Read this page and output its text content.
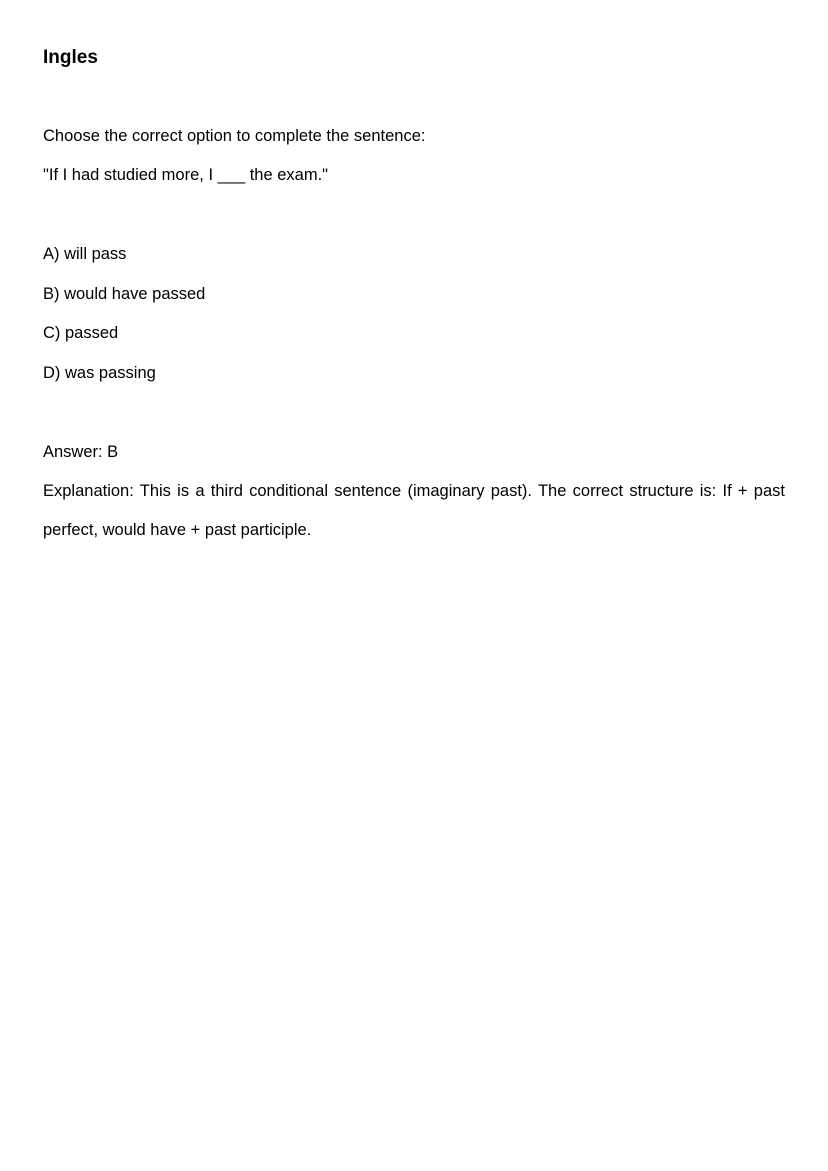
Ingles
Choose the correct option to complete the sentence:
"If I had studied more, I ___ the exam."
A) will pass
B) would have passed
C) passed
D) was passing
Answer: B
Explanation: This is a third conditional sentence (imaginary past). The correct structure is: If + past
perfect, would have + past participle.
